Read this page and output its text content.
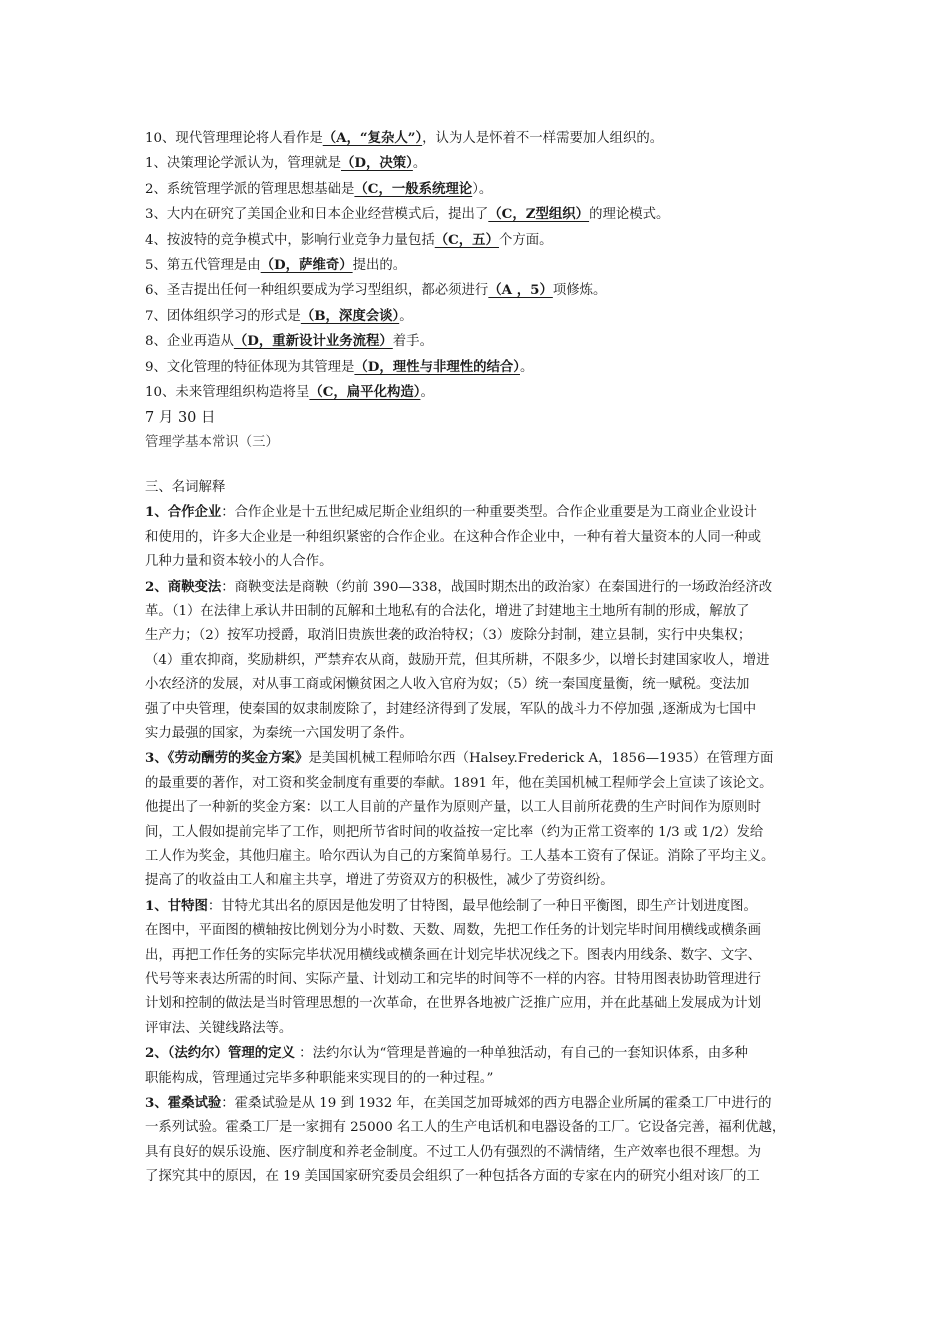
10、现代管理理论将人看作是（A，“复杂人”），认为人是怀着不一样需要加人组织的。
1、决策理论学派认为，管理就是（D，决策）。
2、系统管理学派的管理思想基础是（C，一般系统理论）。
3、大内在研究了美国企业和日本企业经营模式后，提出了（C，Z型组织）的理论模式。
4、按波特的竞争模式中，影响行业竞争力量包括（C，五）个方面。
5、第五代管理是由（D，萨维奇）提出的。
6、圣吉提出任何一种组织要成为学习型组织，都必须进行（A ，5）项修炼。
7、团体组织学习的形式是（B，深度会谈）。
8、企业再造从（D，重新设计业务流程）着手。
9、文化管理的特征体现为其管理是（D，理性与非理性的结合）。
10、未来管理组织构造将呈（C，扁平化构造）。
7 月 30 日
管理学基本常识（三）
三、名词解释
1、合作企业：合作企业是十五世纪威尼斯企业组织的一种重要类型。合作企业重要是为工商业企业设计
和使用的，许多大企业是一种组织紧密的合作企业。在这种合作企业中，一种有着大量资本的人同一种或
几种力量和资本较小的人合作。
2、商鞅变法：商鞅变法是商鞅（约前 390—338，战国时期杰出的政治家）在秦国进行的一场政治经济改
革。（1）在法律上承认井田制的瓦解和土地私有的合法化，增进了封建地主土地所有制的形成，解放了
生产力；（2）按军功授爵，取消旧贵族世袭的政治特权；（3）废除分封制，建立县制，实行中央集权；
（4）重农抑商，奖励耕织，严禁弃农从商，鼓励开荒，但其所耕，不限多少，以增长封建国家收人，增进
小农经济的发展，对从事工商或闲懒贫困之人收入官府为奴；（5）统一秦国度量衡，统一赋税。变法加
强了中央管理，使秦国的奴隶制废除了，封建经济得到了发展，军队的战斗力不停加强 ,逐渐成为七国中
实力最强的国家，为秦统一六国发明了条件。
3、《劳动酬劳的奖金方案》是美国机械工程师哈尔西（Halsey.Frederick A，1856—1935）在管理方面
的最重要的著作，对工资和奖金制度有重要的奉献。1891 年，他在美国机械工程师学会上宣读了该论文。
他提出了一种新的奖金方案：以工人目前的产量作为原则产量，以工人目前所花费的生产时间作为原则时
间，工人假如提前完毕了工作，则把所节省时间的收益按一定比率（约为正常工资率的 1/3 或 1/2）发给
工人作为奖金，其他归雇主。哈尔西认为自己的方案简单易行。工人基本工资有了保证。消除了平均主义。
提高了的收益由工人和雇主共享，增进了劳资双方的积极性，减少了劳资纠纷。
1、甘特图：甘特尤其出名的原因是他发明了甘特图，最早他绘制了一种日平衡图，即生产计划进度图。
在图中，平面图的横轴按比例划分为小时数、天数、周数，先把工作任务的计划完毕时间用横线或横条画
出，再把工作任务的实际完毕状况用横线或横条画在计划完毕状况线之下。图表内用线条、数字、文字、
代号等来表达所需的时间、实际产量、计划动工和完毕的时间等不一样的内容。甘特用图表协助管理进行
计划和控制的做法是当时管理思想的一次革命，在世界各地被广泛推广应用，并在此基础上发展成为计划
评审法、关键线路法等。
2、（法约尔）管理的定义 ：法约尔认为“管理是普遍的一种单独活动，有自己的一套知识体系，由多种
职能构成，管理通过完毕多种职能来实现目的的一种过程。”
3、霍桑试验：霍桑试验是从 19 到 1932 年，在美国芝加哥城郊的西方电器企业所属的霍桑工厂中进行的
一系列试验。霍桑工厂是一家拥有 25000 名工人的生产电话机和电器设备的工厂。它设备完善，福利优越，
具有良好的娱乐设施、医疗制度和养老金制度。不过工人仍有强烈的不满情绪，生产效率也很不理想。为
了探究其中的原因，在 19 美国国家研究委员会组织了一种包括各方面的专家在内的研究小组对该厂的工
